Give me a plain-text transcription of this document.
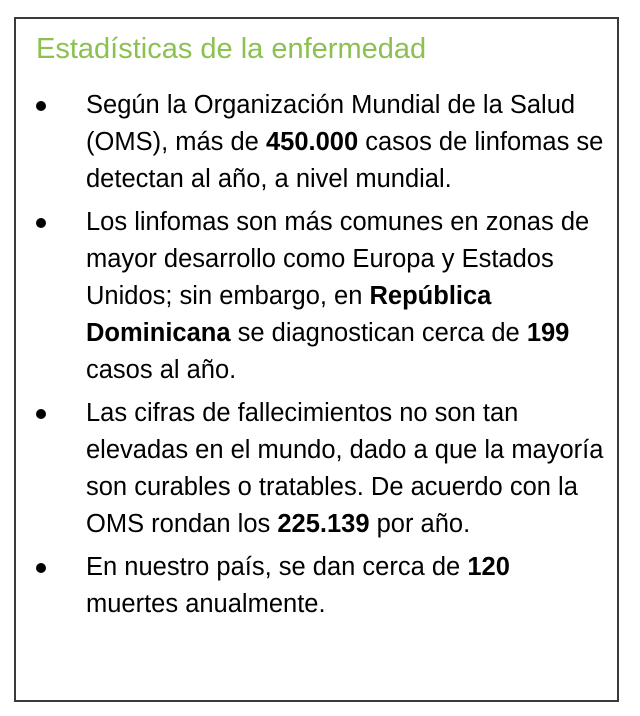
Estadísticas de la enfermedad
Según la Organización Mundial de la Salud (OMS), más de 450.000 casos de linfomas se detectan al año, a nivel mundial.
Los linfomas son más comunes en zonas de mayor desarrollo como Europa y Estados Unidos; sin embargo, en República Dominicana se diagnostican cerca de 199 casos al año.
Las cifras de fallecimientos no son tan elevadas en el mundo, dado a que la mayoría son curables o tratables. De acuerdo con la OMS rondan los 225.139 por año.
En nuestro país, se dan cerca de 120 muertes anualmente.
